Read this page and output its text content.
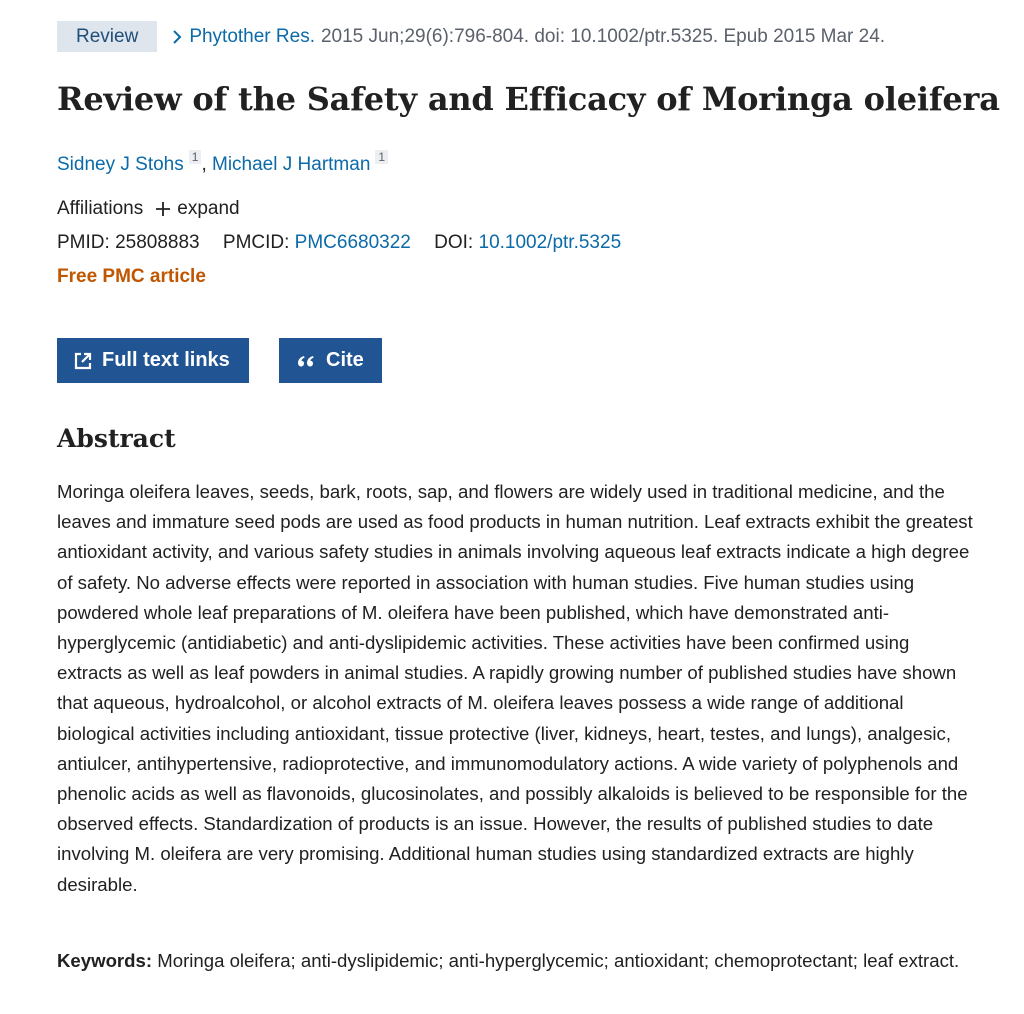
Review	Phytother Res. 2015 Jun;29(6):796-804. doi: 10.1002/ptr.5325. Epub 2015 Mar 24.
Review of the Safety and Efficacy of Moringa oleifera
Sidney J Stohs 1 , Michael J Hartman 1
Affiliations expand
PMID: 25808883 PMCID: PMC6680322 DOI: 10.1002/ptr.5325
Free PMC article
Full text links	Cite
Abstract

Moringa oleifera leaves, seeds, bark, roots, sap, and flowers are widely used in traditional medicine, and the leaves and immature seed pods are used as food products in human nutrition. Leaf extracts exhibit the greatest antioxidant activity, and various safety studies in animals involving aqueous leaf extracts indicate a high degree of safety. No adverse effects were reported in association with human studies. Five human studies using powdered whole leaf preparations of M. oleifera have been published, which have demonstrated anti-hyperglycemic (antidiabetic) and anti-dyslipidemic activities. These activities have been confirmed using extracts as well as leaf powders in animal studies. A rapidly growing number of published studies have shown that aqueous, hydroalcohol, or alcohol extracts of M. oleifera leaves possess a wide range of additional biological activities including antioxidant, tissue protective (liver, kidneys, heart, testes, and lungs), analgesic, antiulcer, antihypertensive, radioprotective, and immunomodulatory actions. A wide variety of polyphenols and phenolic acids as well as flavonoids, glucosinolates, and possibly alkaloids is believed to be responsible for the observed effects. Standardization of products is an issue. However, the results of published studies to date involving M. oleifera are very promising. Additional human studies using standardized extracts are highly desirable.

Keywords: Moringa oleifera; anti-dyslipidemic; anti-hyperglycemic; antioxidant; chemoprotectant; leaf extract.
